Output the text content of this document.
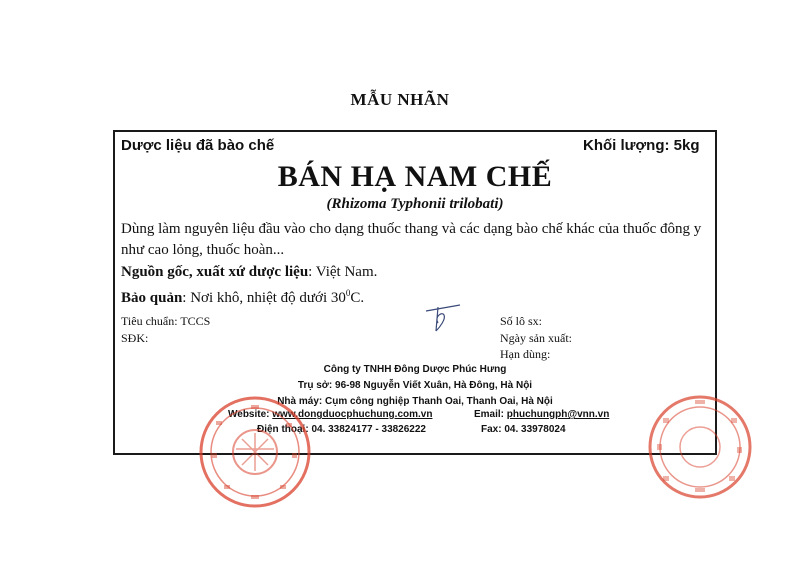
MẪU NHÃN
Dược liệu đã bào chế	Khối lượng: 5kg
BÁN HẠ NAM CHẾ
(Rhizoma Typhonii trilobati)
Dùng làm nguyên liệu đầu vào cho dạng thuốc thang và các dạng bào chế khác của thuốc đông y như cao lỏng, thuốc hoàn...
Nguồn gốc, xuất xứ dược liệu: Việt Nam.
Bảo quản: Nơi khô, nhiệt độ dưới $30^0C$.
Tiêu chuẩn: TCCS
SĐK:
Số lô sx:
Ngày sản xuất:
Hạn dùng:
Công ty TNHH Đông Dược Phúc Hưng
Trụ sở: 96-98 Nguyễn Viết Xuân, Hà Đông, Hà Nội
Nhà máy: Cụm công nghiệp Thanh Oai, Thanh Oai, Hà Nội
Website: www.dongduocphuchung.com.vn
Điện thoại: 04. 33824177 - 33826222
Email: phuchungph@vnn.vn
Fax: 04. 33978024
